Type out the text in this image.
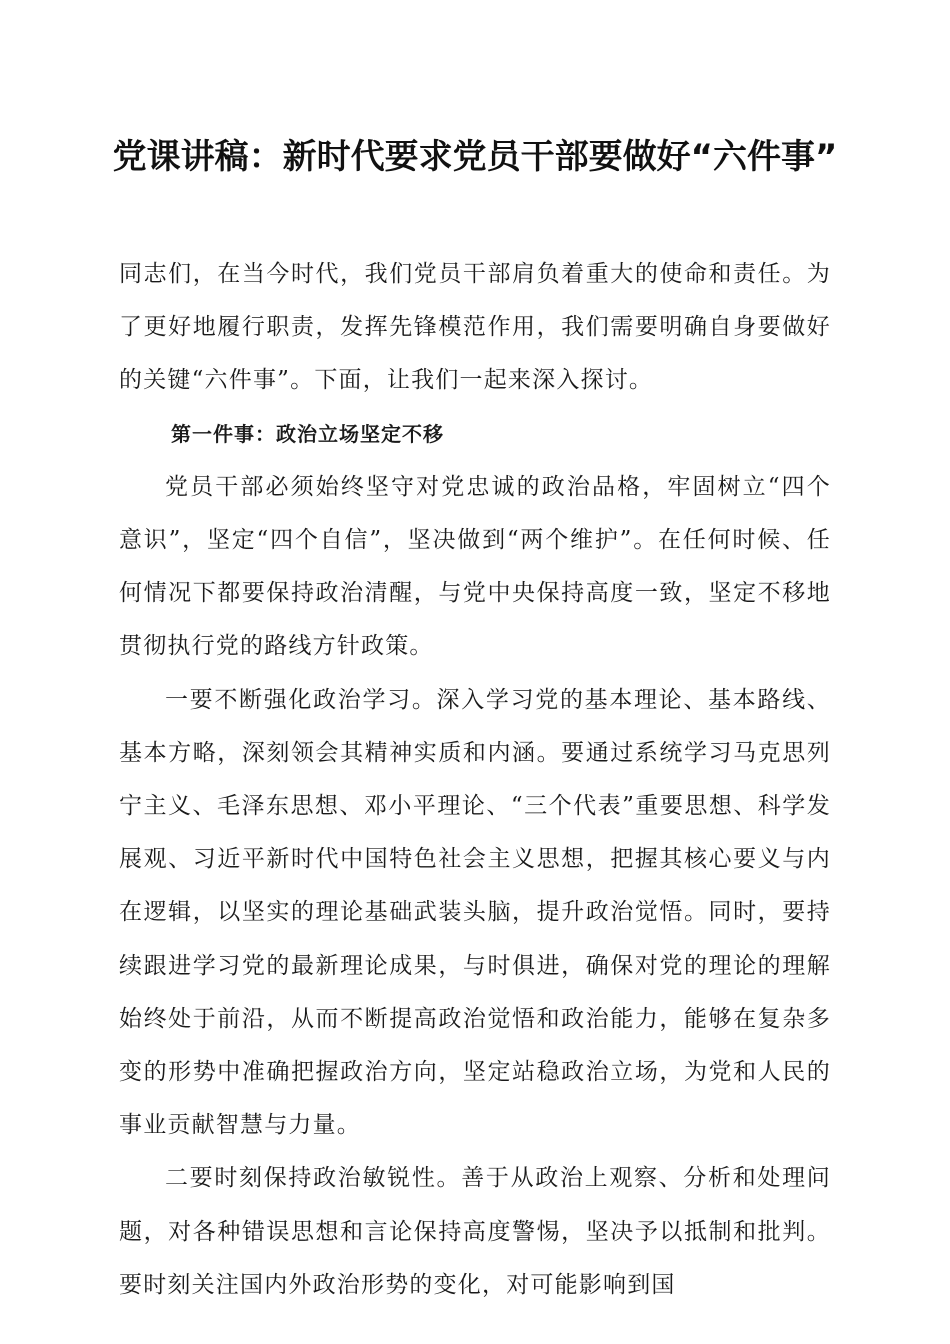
党课讲稿：新时代要求党员干部要做好“六件事”

同志们，在当今时代，我们党员干部肩负着重大的使命和责任。为了更好地履行职责，发挥先锋模范作用，我们需要明确自身要做好的关键“六件事”。下面，让我们一起来深入探讨。

第一件事：政治立场坚定不移

党员干部必须始终坚守对党忠诚的政治品格，牢固树立“四个意识”，坚定“四个自信”，坚决做到“两个维护”。在任何时候、任何情况下都要保持政治清醒，与党中央保持高度一致，坚定不移地贯彻执行党的路线方针政策。

一要不断强化政治学习。深入学习党的基本理论、基本路线、基本方略，深刻领会其精神实质和内涵。要通过系统学习马克思列宁主义、毛泽东思想、邓小平理论、“三个代表”重要思想、科学发展观、习近平新时代中国特色社会主义思想，把握其核心要义与内在逻辑，以坚实的理论基础武装头脑，提升政治觉悟。同时，要持续跟进学习党的最新理论成果，与时俱进，确保对党的理论的理解始终处于前沿，从而不断提高政治觉悟和政治能力，能够在复杂多变的形势中准确把握政治方向，坚定站稳政治立场，为党和人民的事业贡献智慧与力量。

二要时刻保持政治敏锐性。善于从政治上观察、分析和处理问题，对各种错误思想和言论保持高度警惕，坚决予以抵制和批判。要时刻关注国内外政治形势的变化，对可能影响到国
